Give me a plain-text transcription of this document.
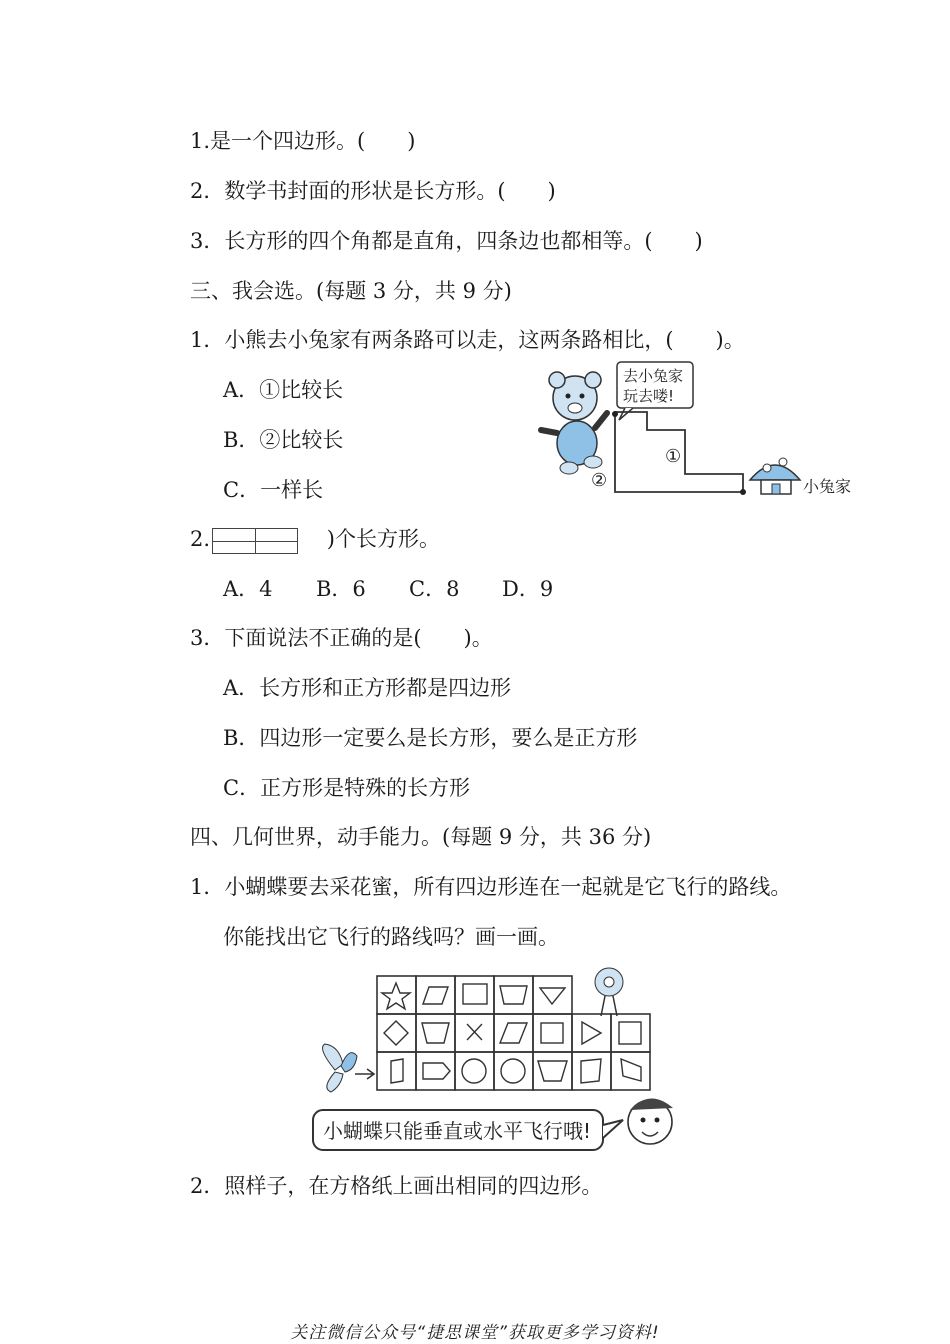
1.是一个四边形。(　　)
2．数学书封面的形状是长方形。(　　)
3．长方形的四个角都是直角，四条边也都相等。(　　)
三、我会选。(每题 3 分，共 9 分)
1．小熊去小兔家有两条路可以走，这两条路相比，(　　)。
A．①比较长
B．②比较长
C．一样长
去小兔家
玩去喽!
①
②	小兔家
2.	)个长方形。
A．4 B．6 C．8 D．9
3．下面说法不正确的是(　　)。
A．长方形和正方形都是四边形
B．四边形一定要么是长方形，要么是正方形
C．正方形是特殊的长方形
四、几何世界，动手能力。(每题 9 分，共 36 分)
1．小蝴蝶要去采花蜜，所有四边形连在一起就是它飞行的路线。
你能找出它飞行的路线吗？画一画。
小蝴蝶只能垂直或水平飞行哦!
2．照样子，在方格纸上画出相同的四边形。
关注微信公众号“捷思课堂”获取更多学习资料!
